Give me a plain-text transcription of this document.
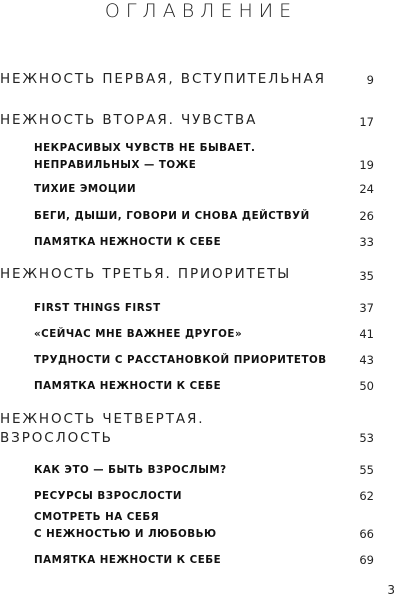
ОГЛАВЛЕНИЕ
НЕЖНОСТЬ ПЕРВАЯ, ВСТУПИТЕЛЬНАЯ	9
НЕЖНОСТЬ ВТОРАЯ. ЧУВСТВА	17
НЕКРАСИВЫХ ЧУВСТВ НЕ БЫВАЕТ.
НЕПРАВИЛЬНЫХ — ТОЖЕ	19
ТИХИЕ ЭМОЦИИ	24
БЕГИ, ДЫШИ, ГОВОРИ И СНОВА ДЕЙСТВУЙ	26
ПАМЯТКА НЕЖНОСТИ К СЕБЕ	33
НЕЖНОСТЬ ТРЕТЬЯ. ПРИОРИТЕТЫ	35
FIRST THINGS FIRST	37
«СЕЙЧАС МНЕ ВАЖНЕЕ ДРУГОЕ»	41
ТРУДНОСТИ С РАССТАНОВКОЙ ПРИОРИТЕТОВ	43
ПАМЯТКА НЕЖНОСТИ К СЕБЕ	50
НЕЖНОСТЬ ЧЕТВЕРТАЯ.
ВЗРОСЛОСТЬ	53
КАК ЭТО — БЫТЬ ВЗРОСЛЫМ?	55
РЕСУРСЫ ВЗРОСЛОСТИ	62
СМОТРЕТЬ НА СЕБЯ
С НЕЖНОСТЬЮ И ЛЮБОВЬЮ	66
ПАМЯТКА НЕЖНОСТИ К СЕБЕ	69
3
